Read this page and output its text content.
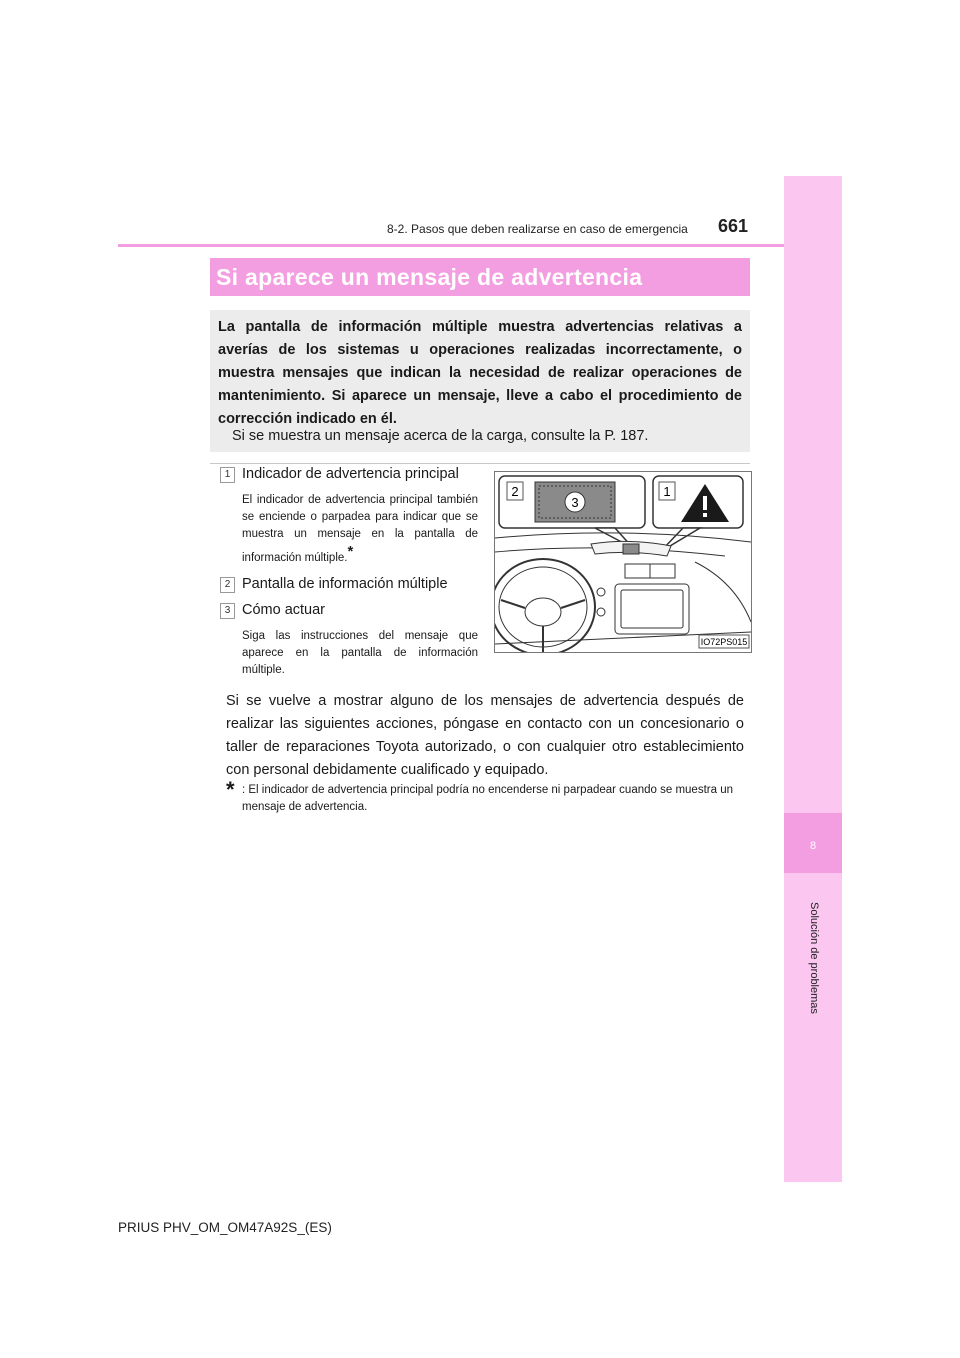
8
Solución de problemas
8-2. Pasos que deben realizarse en caso de emergencia 661
Si aparece un mensaje de advertencia
La pantalla de información múltiple muestra advertencias relativas a averías de los sistemas u operaciones realizadas incorrectamente, o muestra mensajes que indican la necesidad de realizar operaciones de mantenimiento. Si aparece un mensaje, lleve a cabo el procedimiento de corrección indicado en él.
Si se muestra un mensaje acerca de la carga, consulte la P. 187.
1 Indicador de advertencia principal
El indicador de advertencia principal también se enciende o parpadea para indicar que se muestra un mensaje en la pantalla de información múltiple.*
2 Pantalla de información múltiple
3 Cómo actuar
Siga las instrucciones del mensaje que aparece en la pantalla de información múltiple.
2
3
1
IO72PS015
Si se vuelve a mostrar alguno de los mensajes de advertencia después de realizar las siguientes acciones, póngase en contacto con un concesionario o taller de reparaciones Toyota autorizado, o con cualquier otro establecimiento con personal debidamente cualificado y equipado.
* : El indicador de advertencia principal podría no encenderse ni parpadear cuando se muestra un mensaje de advertencia.
PRIUS PHV_OM_OM47A92S_(ES)
